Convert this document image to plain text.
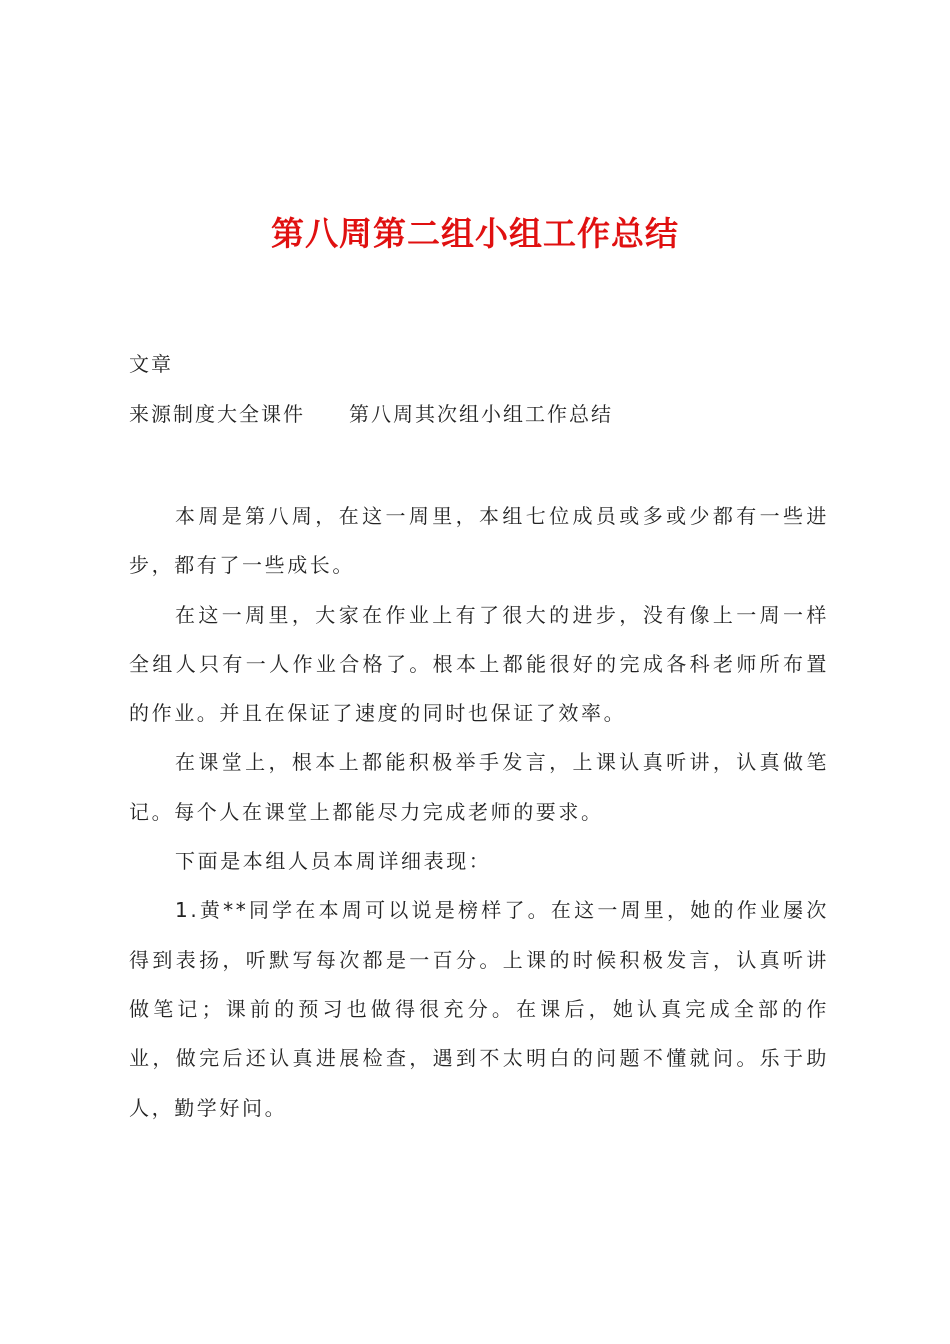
第八周第二组小组工作总结
文章
来源制度大全课件 第八周其次组小组工作总结

本周是第八周，在这一周里，本组七位成员或多或少都有一些进步，都有了一些成长。

在这一周里，大家在作业上有了很大的进步，没有像上一周一样全组人只有一人作业合格了。根本上都能很好的完成各科老师所布置的作业。并且在保证了速度的同时也保证了效率。

在课堂上，根本上都能积极举手发言，上课认真听讲，认真做笔记。每个人在课堂上都能尽力完成老师的要求。

下面是本组人员本周详细表现：

1.黄**同学在本周可以说是榜样了。在这一周里，她的作业屡次得到表扬，听默写每次都是一百分。上课的时候积极发言，认真听讲做笔记；课前的预习也做得很充分。在课后，她认真完成全部的作业，做完后还认真进展检查，遇到不太明白的问题不懂就问。乐于助人，勤学好问。
